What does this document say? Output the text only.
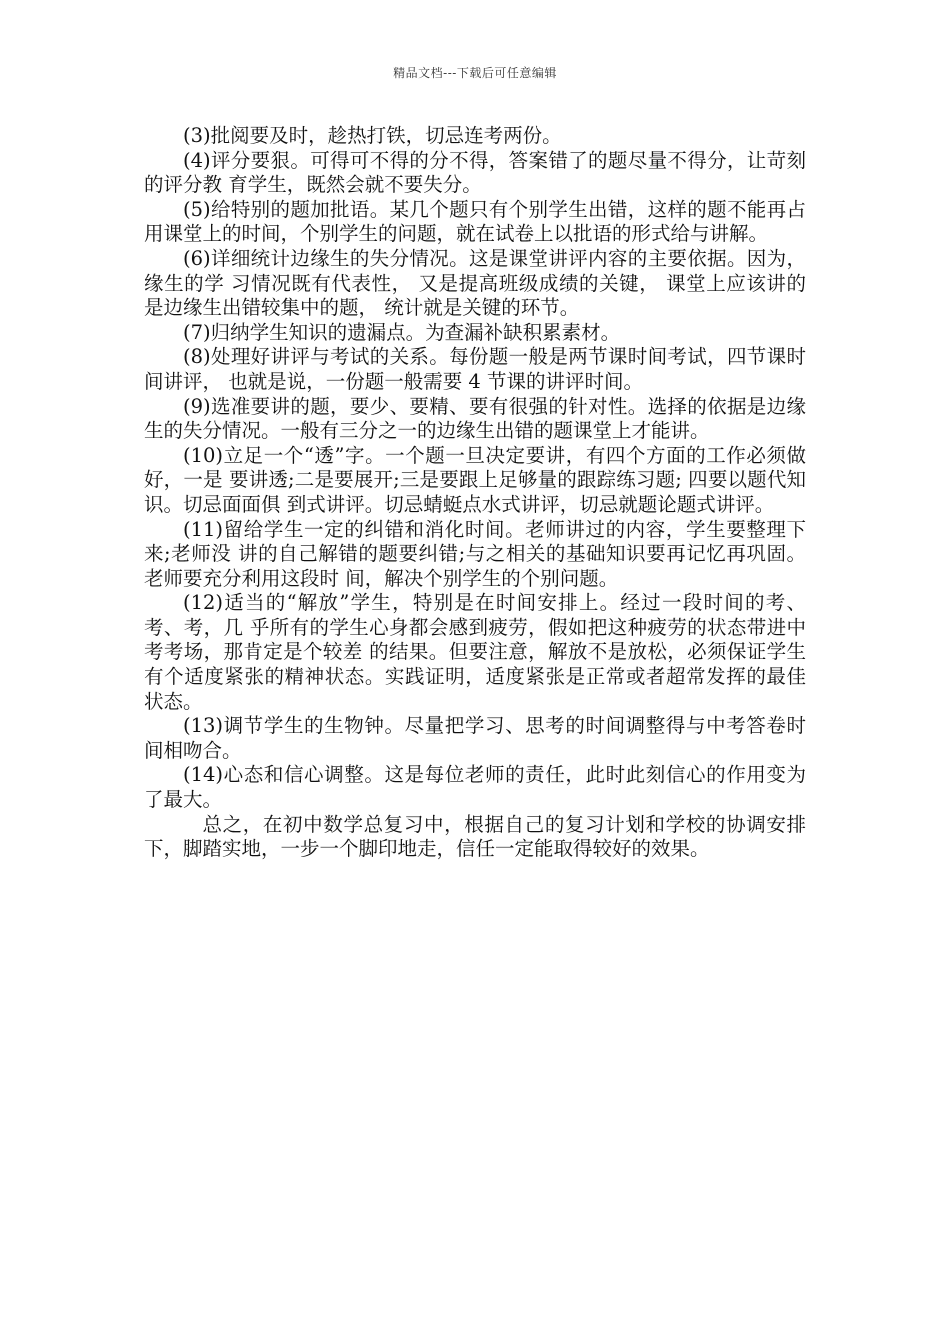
精品文档---下载后可任意编辑

(3)批阅要及时，趁热打铁，切忌连考两份。

(4)评分要狠。可得可不得的分不得，答案错了的题尽量不得分，让苛刻的评分教 育学生，既然会就不要失分。

(5)给特别的题加批语。某几个题只有个别学生出错，这样的题不能再占用课堂上的时间，个别学生的问题，就在试卷上以批语的形式给与讲解。

(6)详细统计边缘生的失分情况。这是课堂讲评内容的主要依据。因为，缘生的学 习情况既有代表性， 又是提高班级成绩的关键， 课堂上应该讲的是边缘生出错较集中的题， 统计就是关键的环节。

(7)归纳学生知识的遗漏点。为查漏补缺积累素材。

(8)处理好讲评与考试的关系。每份题一般是两节课时间考试，四节课时间讲评， 也就是说，一份题一般需要 4 节课的讲评时间。

(9)选准要讲的题，要少、要精、要有很强的针对性。选择的依据是边缘生的失分情况。一般有三分之一的边缘生出错的题课堂上才能讲。

(10)立足一个“透”字。一个题一旦决定要讲，有四个方面的工作必须做好，一是 要讲透;二是要展开;三是要跟上足够量的跟踪练习题; 四要以题代知识。切忌面面俱 到式讲评。切忌蜻蜓点水式讲评，切忌就题论题式讲评。

(11)留给学生一定的纠错和消化时间。老师讲过的内容，学生要整理下来;老师没 讲的自己解错的题要纠错;与之相关的基础知识要再记忆再巩固。老师要充分利用这段时 间，解决个别学生的个别问题。

(12)适当的“解放”学生，特别是在时间安排上。经过一段时间的考、考、考，几 乎所有的学生心身都会感到疲劳，假如把这种疲劳的状态带进中考考场，那肯定是个较差 的结果。但要注意，解放不是放松，必须保证学生有个适度紧张的精神状态。实践证明，适度紧张是正常或者超常发挥的最佳状态。

(13)调节学生的生物钟。尽量把学习、思考的时间调整得与中考答卷时间相吻合。

(14)心态和信心调整。这是每位老师的责任，此时此刻信心的作用变为了最大。

总之，在初中数学总复习中，根据自己的复习计划和学校的协调安排下，脚踏实地，一步一个脚印地走，信任一定能取得较好的效果。
